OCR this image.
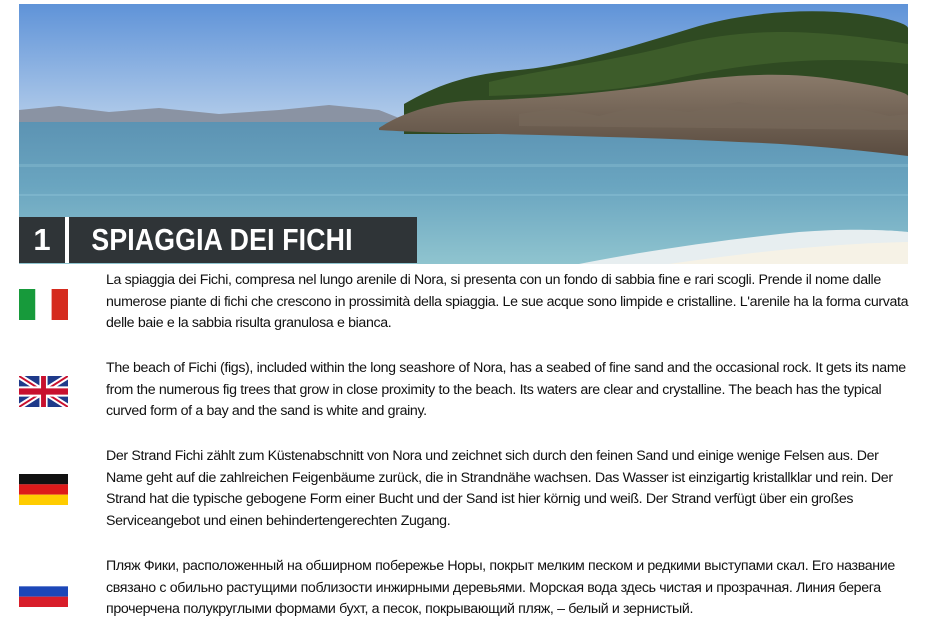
1	SPIAGGIA DEI FICHI

La spiaggia dei Fichi, compresa nel lungo arenile di Nora, si presenta con un fondo di sabbia fine e rari scogli. Prende il nome dalle numerose piante di fichi che crescono in prossimità della spiaggia. Le sue acque sono limpide e cristalline. L'arenile ha la forma curvata delle baie e la sabbia risulta granulosa e bianca.

The beach of Fichi (figs), included within the long seashore of Nora, has a seabed of fine sand and the occasional rock. It gets its name from the numerous fig trees that grow in close proximity to the beach. Its waters are clear and crystalline. The beach has the typical curved form of a bay and the sand is white and grainy.

Der Strand Fichi zählt zum Küstenabschnitt von Nora und zeichnet sich durch den feinen Sand und einige wenige Felsen aus. Der Name geht auf die zahlreichen Feigenbäume zurück, die in Strandnähe wachsen. Das Wasser ist einzigartig kristallklar und rein. Der Strand hat die typische gebogene Form einer Bucht und der Sand ist hier körnig und weiß. Der Strand verfügt über ein großes Serviceangebot und einen behindertengerechten Zugang.

Пляж Фики, расположенный на обширном побережье Норы, покрыт мелким песком и редкими выступами скал. Его название связано с обильно растущими поблизости инжирными деревьями. Морская вода здесь чистая и прозрачная. Линия берега прочерчена полукруглыми формами бухт, а песок, покрывающий пляж, – белый и зернистый.
